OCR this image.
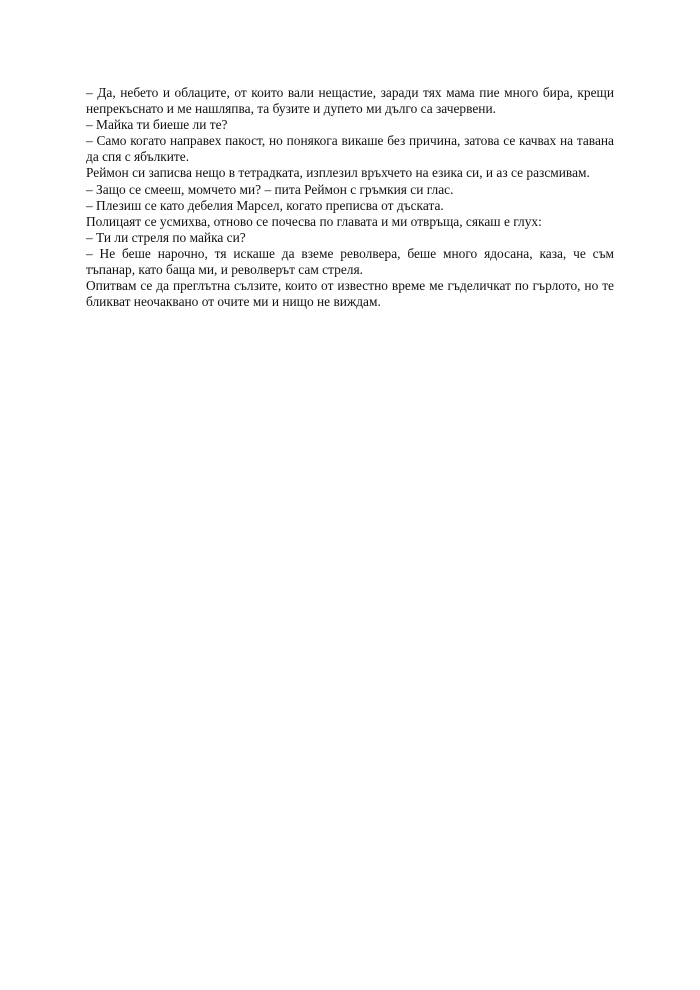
– Да, небето и облаците, от които вали нещастие, заради тях мама пие много бира, крещи непрекъснато и ме нашляпва, та бузите и дупето ми дълго са зачервени.

– Майка ти биеше ли те?

– Само когато направех пакост, но понякога викаше без причина, затова се качвах на тавана да спя с ябълките.

Реймон си записва нещо в тетрадката, изплезил връхчето на езика си, и аз се разсмивам.

– Защо се смееш, момчето ми? – пита Реймон с гръмкия си глас.

– Плезиш се като дебелия Марсел, когато преписва от дъската.

Полицаят се усмихва, отново се почесва по главата и ми отвръща, сякаш е глух:

– Ти ли стреля по майка си?

– Не беше нарочно, тя искаше да вземе револвера, беше много ядосана, каза, че съм тъпанар, като баща ми, и револверът сам стреля.

Опитвам се да преглътна сълзите, които от известно време ме гъделичкат по гърлото, но те бликват неочаквано от очите ми и нищо не виждам.
